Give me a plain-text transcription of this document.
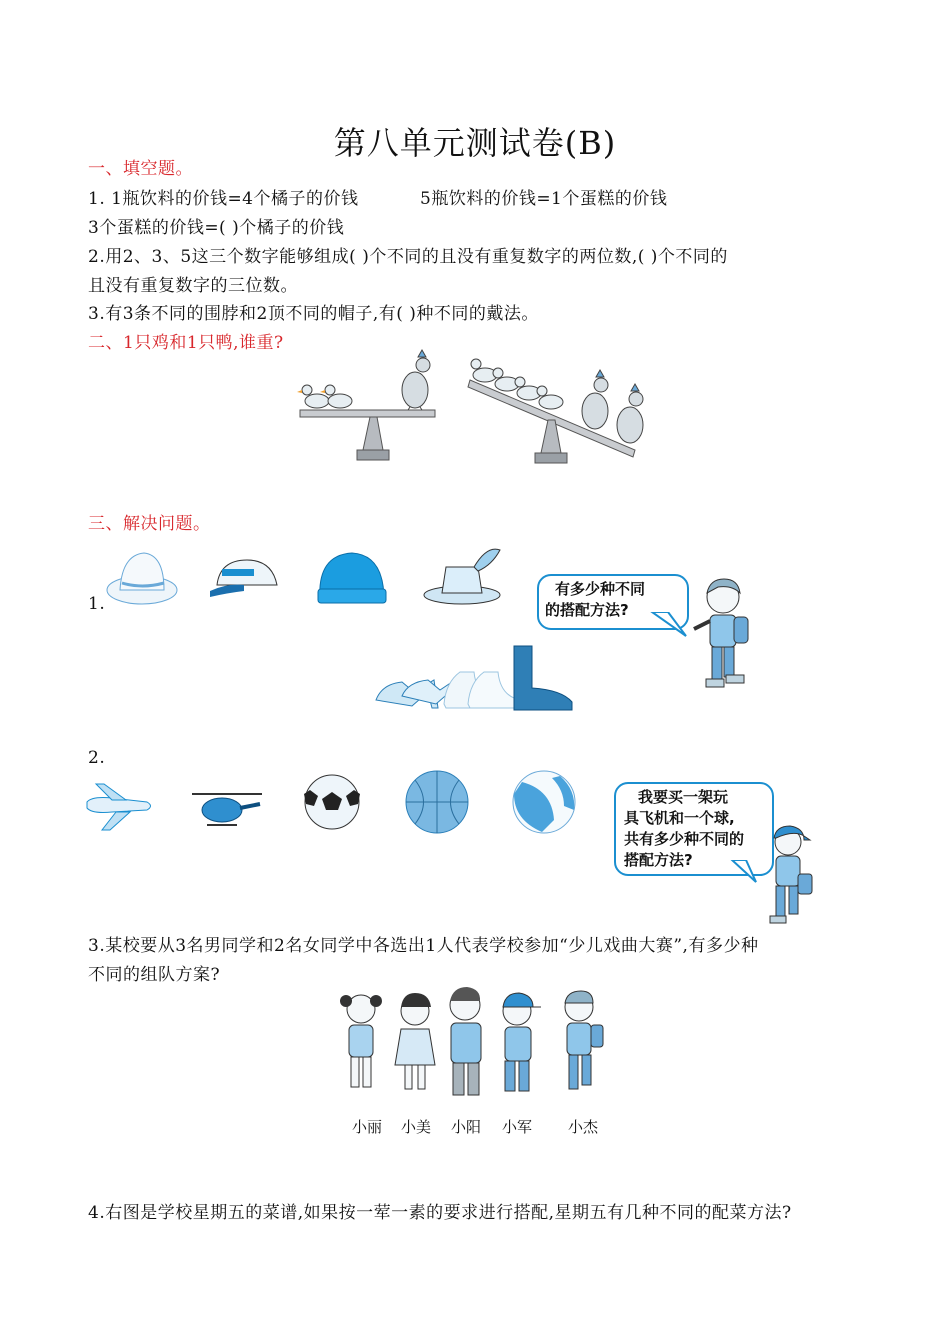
第八单元测试卷(B)
一、填空题。
1. 1瓶饮料的价钱=4个橘子的价钱	5瓶饮料的价钱=1个蛋糕的价钱
3个蛋糕的价钱=( )个橘子的价钱
2.用2、3、5这三个数字能够组成( )个不同的且没有重复数字的两位数,( )个不同的
且没有重复数字的三位数。
3.有3条不同的围脖和2顶不同的帽子,有( )种不同的戴法。
二、1只鸡和1只鸭,谁重?
三、解决问题。
1.
有多少种不同
的搭配方法?
2.
我要买一架玩
具飞机和一个球,
共有多少种不同的
搭配方法?
3.某校要从3名男同学和2名女同学中各选出1人代表学校参加“少儿戏曲大赛”,有多少种
不同的组队方案?
小丽 小美 小阳 小军 小杰
4.右图是学校星期五的菜谱,如果按一荤一素的要求进行搭配,星期五有几种不同的配菜方法?
